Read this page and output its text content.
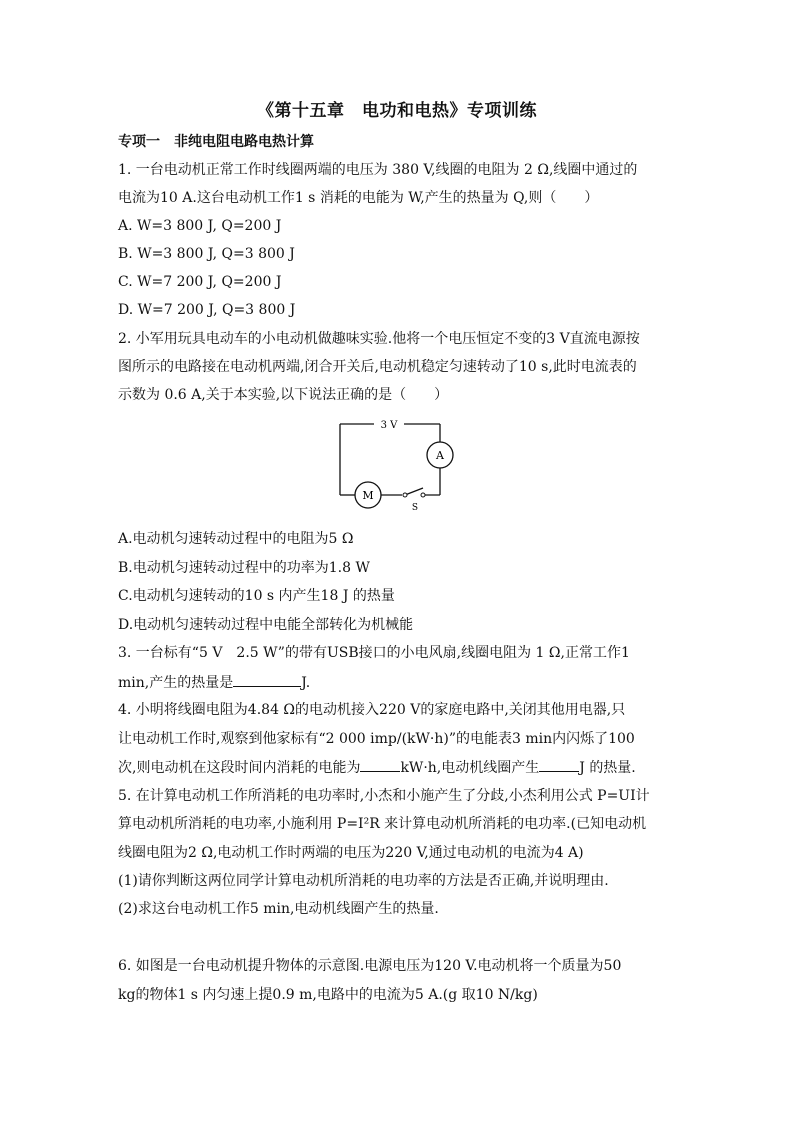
《第十五章　电功和电热》专项训练
专项一　非纯电阻电路电热计算
1. 一台电动机正常工作时线圈两端的电压为 380 V,线圈的电阻为 2 Ω,线圈中通过的
电流为10 A.这台电动机工作1 s 消耗的电能为 W,产生的热量为 Q,则（　　）
A. W=3 800 J, Q=200 J
B. W=3 800 J, Q=3 800 J
C. W=7 200 J, Q=200 J
D. W=7 200 J, Q=3 800 J
2. 小军用玩具电动车的小电动机做趣味实验.他将一个电压恒定不变的3 V直流电源按
图所示的电路接在电动机两端,闭合开关后,电动机稳定匀速转动了10 s,此时电流表的
示数为 0.6 A,关于本实验,以下说法正确的是（　　）
3 V
A
M
S
A.电动机匀速转动过程中的电阻为5 Ω
B.电动机匀速转动过程中的功率为1.8 W
C.电动机匀速转动的10 s 内产生18 J 的热量
D.电动机匀速转动过程中电能全部转化为机械能
3. 一台标有“5 V　2.5 W”的带有USB接口的小电风扇,线圈电阻为 1 Ω,正常工作1
min,产生的热量是	J.
4. 小明将线圈电阻为4.84 Ω的电动机接入220 V的家庭电路中,关闭其他用电器,只
让电动机工作时,观察到他家标有“2 000 imp/(kW·h)”的电能表3 min内闪烁了100
次,则电动机在这段时间内消耗的电能为	kW·h,电动机线圈产生	J 的热量.
5. 在计算电动机工作所消耗的电功率时,小杰和小施产生了分歧,小杰利用公式 P=UI计
算电动机所消耗的电功率,小施利用 P=I²R 来计算电动机所消耗的电功率.(已知电动机
线圈电阻为2 Ω,电动机工作时两端的电压为220 V,通过电动机的电流为4 A)
(1)请你判断这两位同学计算电动机所消耗的电功率的方法是否正确,并说明理由.
(2)求这台电动机工作5 min,电动机线圈产生的热量.
6. 如图是一台电动机提升物体的示意图.电源电压为120 V.电动机将一个质量为50
kg的物体1 s 内匀速上提0.9 m,电路中的电流为5 A.(g 取10 N/kg)
